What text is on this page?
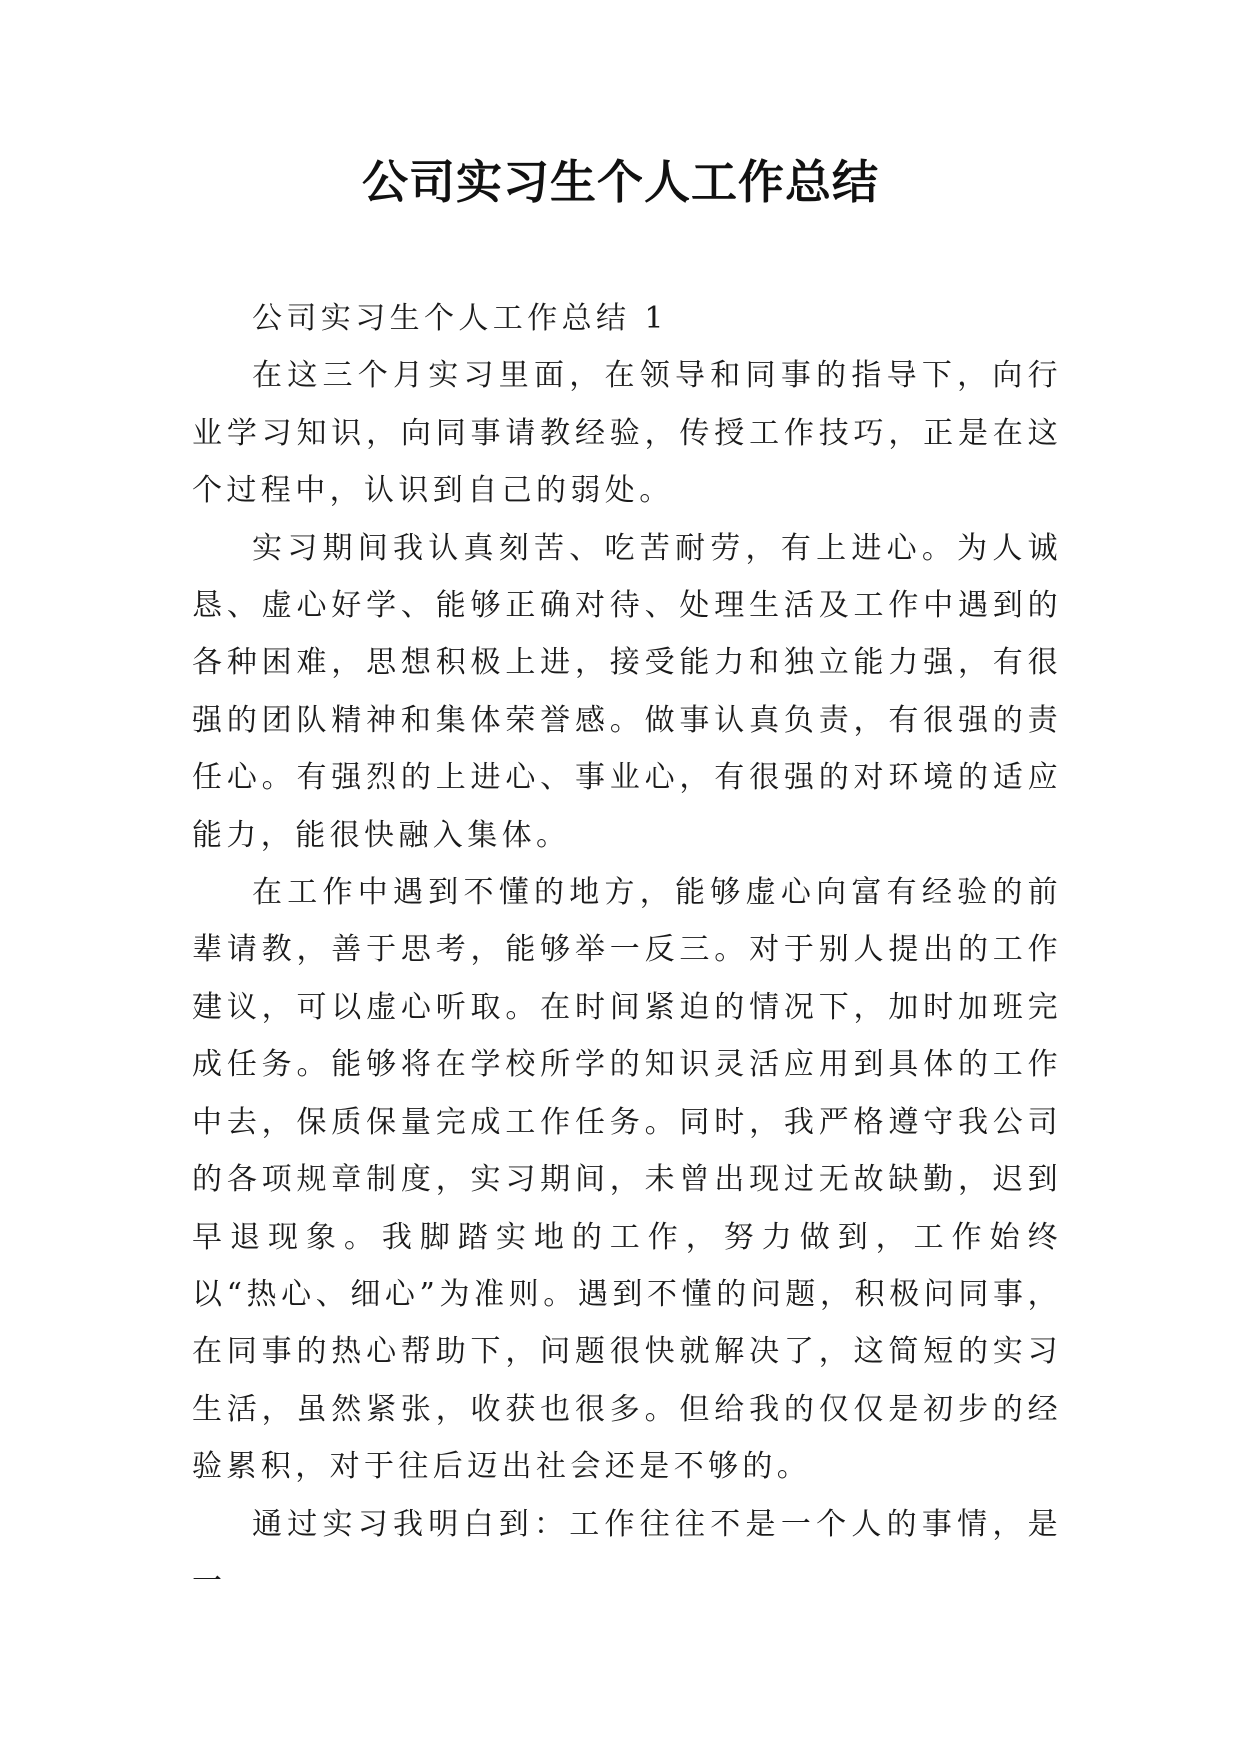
公司实习生个人工作总结

公司实习生个人工作总结 1

在这三个月实习里面，在领导和同事的指导下，向行业学习知识，向同事请教经验，传授工作技巧，正是在这个过程中，认识到自己的弱处。

实习期间我认真刻苦、吃苦耐劳，有上进心。为人诚恳、虚心好学、能够正确对待、处理生活及工作中遇到的各种困难，思想积极上进，接受能力和独立能力强，有很强的团队精神和集体荣誉感。做事认真负责，有很强的责任心。有强烈的上进心、事业心，有很强的对环境的适应能力，能很快融入集体。

在工作中遇到不懂的地方，能够虚心向富有经验的前辈请教，善于思考，能够举一反三。对于别人提出的工作建议，可以虚心听取。在时间紧迫的情况下，加时加班完成任务。能够将在学校所学的知识灵活应用到具体的工作中去，保质保量完成工作任务。同时，我严格遵守我公司的各项规章制度，实习期间，未曾出现过无故缺勤，迟到早退现象。我脚踏实地的工作，努力做到，工作始终以“热心、细心”为准则。遇到不懂的问题，积极问同事，在同事的热心帮助下，问题很快就解决了，这简短的实习生活，虽然紧张，收获也很多。但给我的仅仅是初步的经验累积，对于往后迈出社会还是不够的。

通过实习我明白到：工作往往不是一个人的事情，是一
